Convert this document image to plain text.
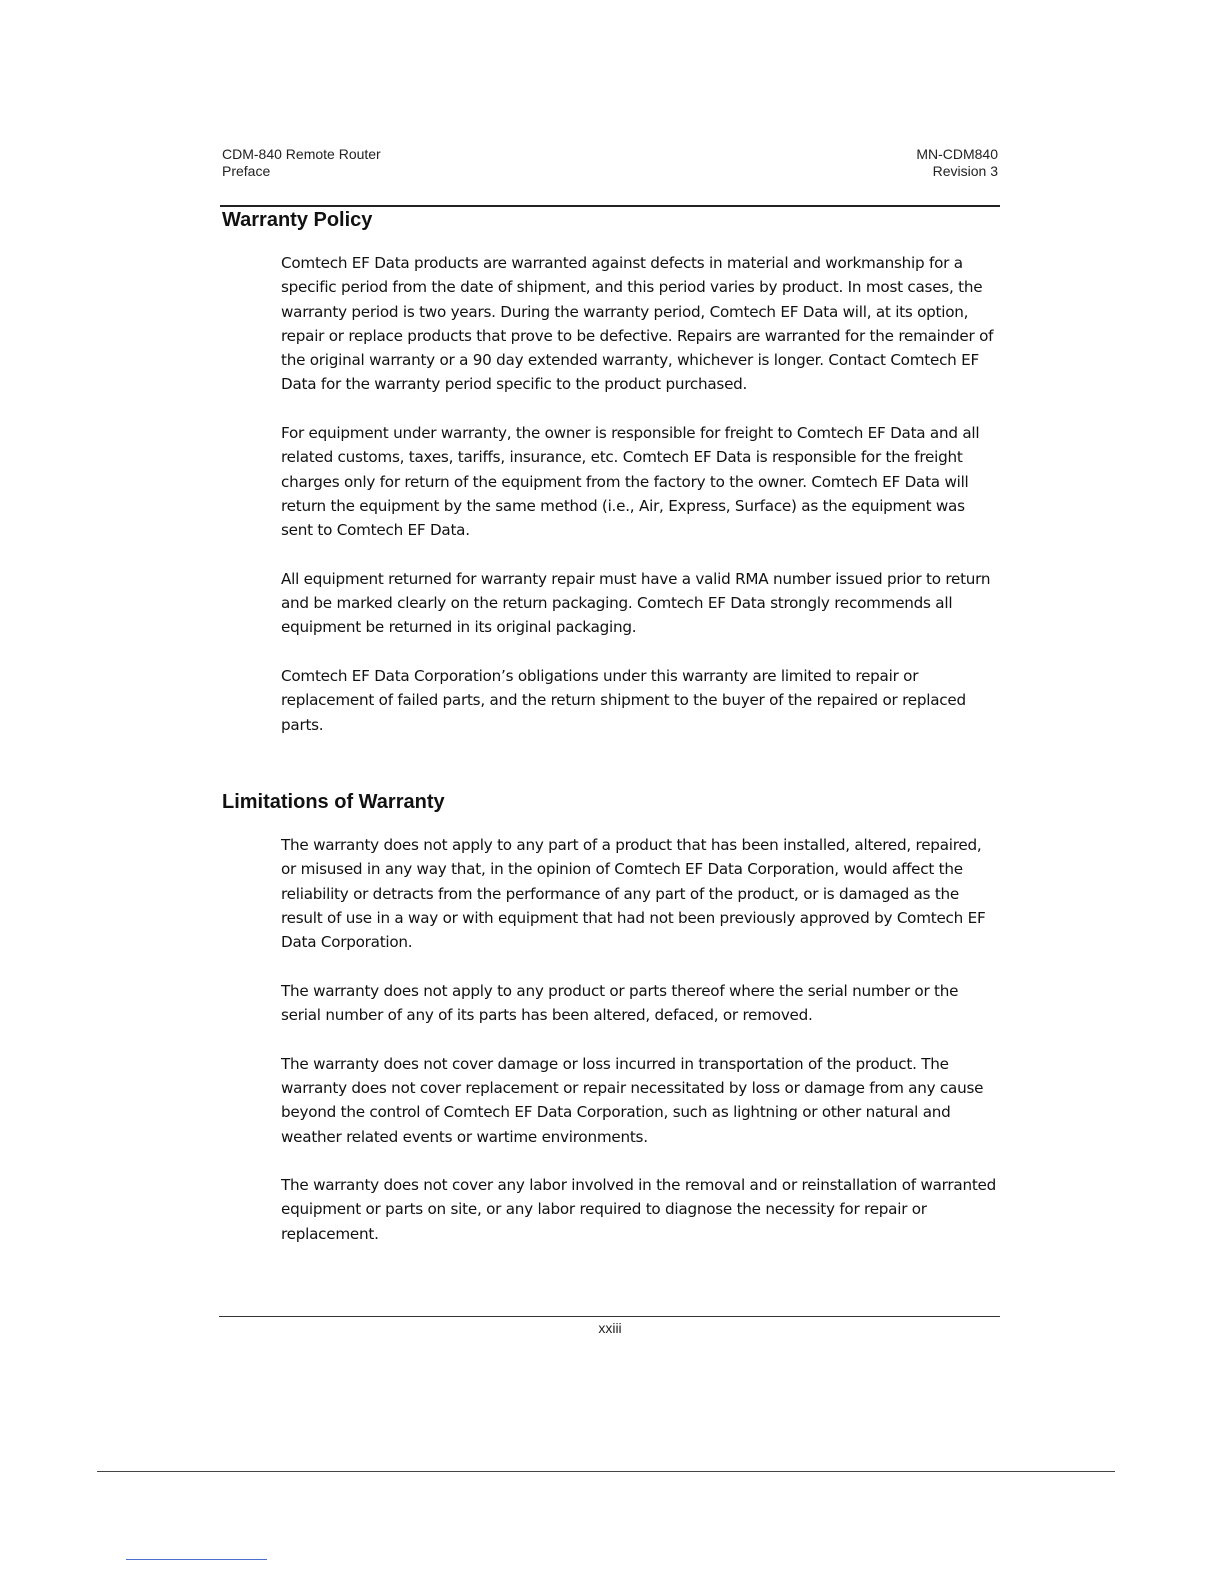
CDM-840 Remote Router
Preface
MN-CDM840
Revision 3
Warranty Policy

Comtech EF Data products are warranted against defects in material and workmanship for a specific period from the date of shipment, and this period varies by product. In most cases, the warranty period is two years. During the warranty period, Comtech EF Data will, at its option, repair or replace products that prove to be defective. Repairs are warranted for the remainder of the original warranty or a 90 day extended warranty, whichever is longer. Contact Comtech EF Data for the warranty period specific to the product purchased.

For equipment under warranty, the owner is responsible for freight to Comtech EF Data and all related customs, taxes, tariffs, insurance, etc. Comtech EF Data is responsible for the freight charges only for return of the equipment from the factory to the owner. Comtech EF Data will return the equipment by the same method (i.e., Air, Express, Surface) as the equipment was sent to Comtech EF Data.

All equipment returned for warranty repair must have a valid RMA number issued prior to return and be marked clearly on the return packaging. Comtech EF Data strongly recommends all equipment be returned in its original packaging.

Comtech EF Data Corporation’s obligations under this warranty are limited to repair or replacement of failed parts, and the return shipment to the buyer of the repaired or replaced parts.

Limitations of Warranty

The warranty does not apply to any part of a product that has been installed, altered, repaired, or misused in any way that, in the opinion of Comtech EF Data Corporation, would affect the reliability or detracts from the performance of any part of the product, or is damaged as the result of use in a way or with equipment that had not been previously approved by Comtech EF Data Corporation.

The warranty does not apply to any product or parts thereof where the serial number or the serial number of any of its parts has been altered, defaced, or removed.

The warranty does not cover damage or loss incurred in transportation of the product. The warranty does not cover replacement or repair necessitated by loss or damage from any cause beyond the control of Comtech EF Data Corporation, such as lightning or other natural and weather related events or wartime environments.

The warranty does not cover any labor involved in the removal and or reinstallation of warranted equipment or parts on site, or any labor required to diagnose the necessity for repair or replacement.

xxiii
